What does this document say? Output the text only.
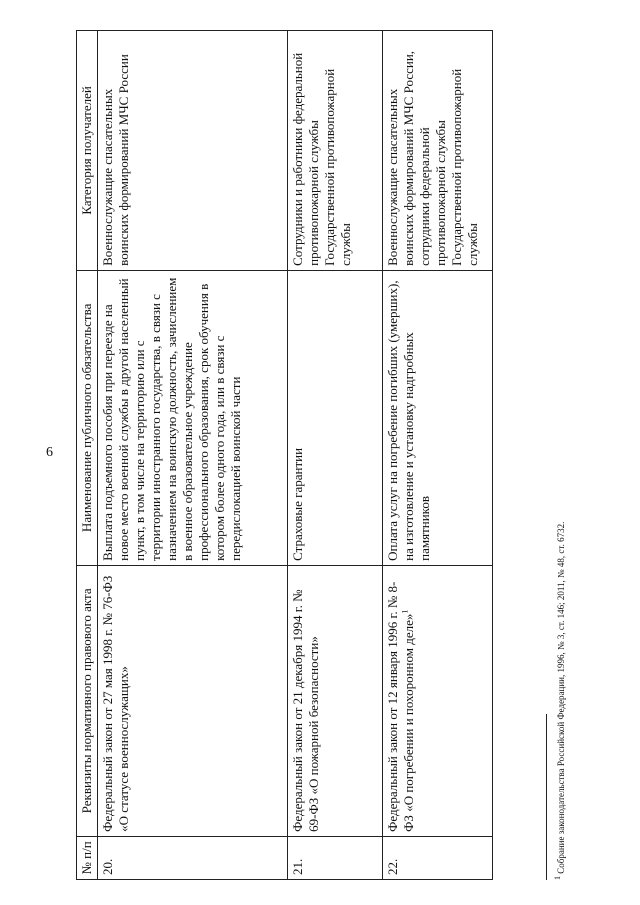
6
№ п/п	Реквизиты нормативного правового акта	Наименование публичного обязательства	Категория получателей
20.	Федеральный закон от 27 мая 1998 г. № 76-ФЗ «О статусе военнослужащих»	Выплата подъемного пособия при переезде на новое место военной службы в другой населенный пункт, в том числе на территорию или с территории иностранного государства, в связи с назначением на воинскую должность, зачислением в военное образовательное учреждение профессионального образования, срок обучения в котором более одного года, или в связи с передислокацией воинской части	Военнослужащие спасательных воинских формирований МЧС России
21.	Федеральный закон от 21 декабря 1994 г. № 69-ФЗ «О пожарной безопасности»	Страховые гарантии	Сотрудники и работники федеральной противопожарной службы Государственной противопожарной службы
22.	Федеральный закон от 12 января 1996 г. № 8-ФЗ «О погребении и похоронном деле»$^1$	Оплата услуг на погребение погибших (умерших), на изготовление и установку надгробных памятников	Военнослужащие спасательных воинских формирований МЧС России, сотрудники федеральной противопожарной службы Государственной противопожарной службы
$^1$ Собрание законодательства Российской Федерации, 1996, № 3, ст. 146; 2011, № 48, ст. 6732.
